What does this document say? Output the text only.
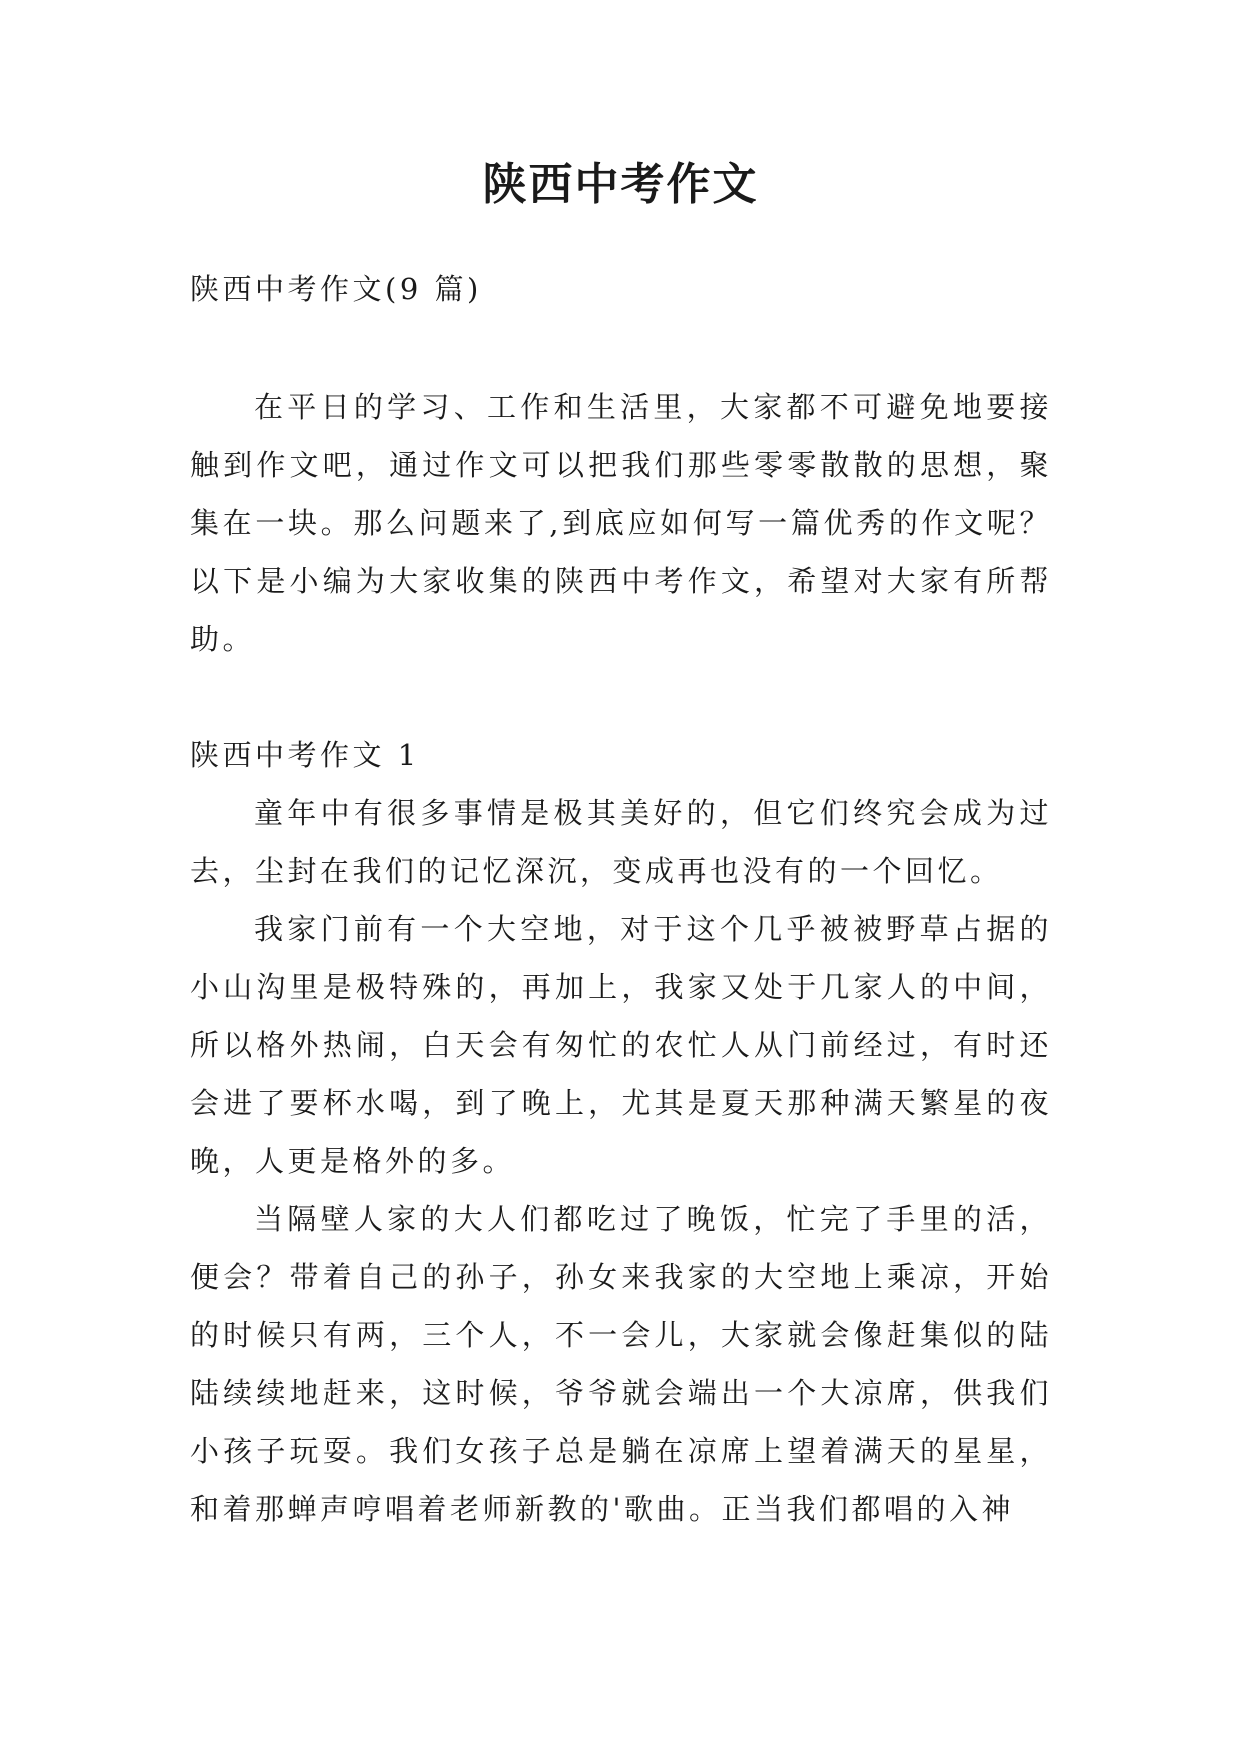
陕西中考作文

陕西中考作文(9 篇)

在平日的学习、工作和生活里，大家都不可避免地要接触到作文吧，通过作文可以把我们那些零零散散的思想，聚集在一块。那么问题来了,到底应如何写一篇优秀的作文呢？以下是小编为大家收集的陕西中考作文，希望对大家有所帮助。

陕西中考作文 1

童年中有很多事情是极其美好的，但它们终究会成为过去，尘封在我们的记忆深沉，变成再也没有的一个回忆。

我家门前有一个大空地，对于这个几乎被被野草占据的小山沟里是极特殊的，再加上，我家又处于几家人的中间，所以格外热闹，白天会有匆忙的农忙人从门前经过，有时还会进了要杯水喝，到了晚上，尤其是夏天那种满天繁星的夜晚，人更是格外的多。

当隔壁人家的大人们都吃过了晚饭，忙完了手里的活，便会？带着自己的孙子，孙女来我家的大空地上乘凉，开始的时候只有两，三个人，不一会儿，大家就会像赶集似的陆陆续续地赶来，这时候，爷爷就会端出一个大凉席，供我们小孩子玩耍。我们女孩子总是躺在凉席上望着满天的星星，和着那蝉声哼唱着老师新教的'歌曲。正当我们都唱的入神
